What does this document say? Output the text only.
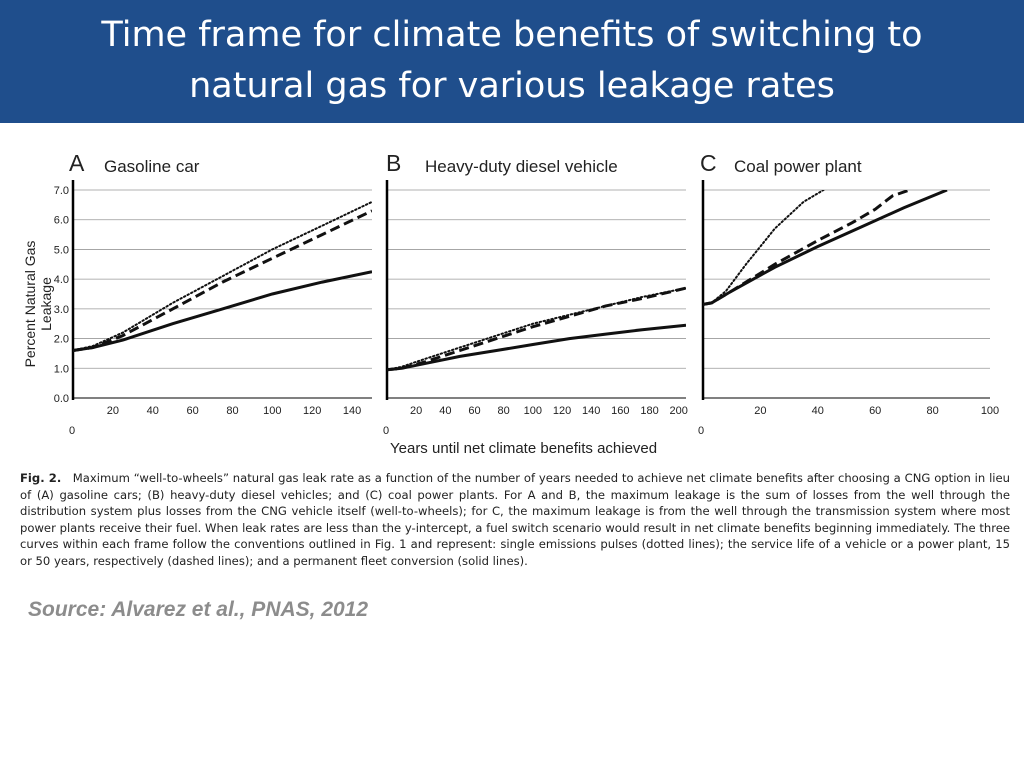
Time frame for climate benefits of switching to
natural gas for various leakage rates
0.0
1.0
2.0
3.0
4.0
5.0
6.0
7.0
20	40	60	80 100 120 140
0
20 40 60 80 100 120 140 160 180 200
0
20	40	60	80	100
0
A Gasoline car	B Heavy-duty diesel vehicle	C Coal power plant
Percent Natural Gas Leakage
Years until net climate benefits achieved
Fig. 2. Maximum “well-to-wheels” natural gas leak rate as a function of the number of years needed to achieve net climate benefits after choosing a CNG option in lieu of (A) gasoline cars; (B) heavy-duty diesel vehicles; and (C) coal power plants. For A and B, the maximum leakage is the sum of losses from the well through the distribution system plus losses from the CNG vehicle itself (well-to-wheels); for C, the maximum leakage is from the well through the transmission system where most power plants receive their fuel. When leak rates are less than the y-intercept, a fuel switch scenario would result in net climate benefits beginning immediately. The three curves within each frame follow the conventions outlined in Fig. 1 and represent: single emissions pulses (dotted lines); the service life of a vehicle or a power plant, 15 or 50 years, respectively (dashed lines); and a permanent fleet conversion (solid lines).
Source: Alvarez et al., PNAS, 2012
